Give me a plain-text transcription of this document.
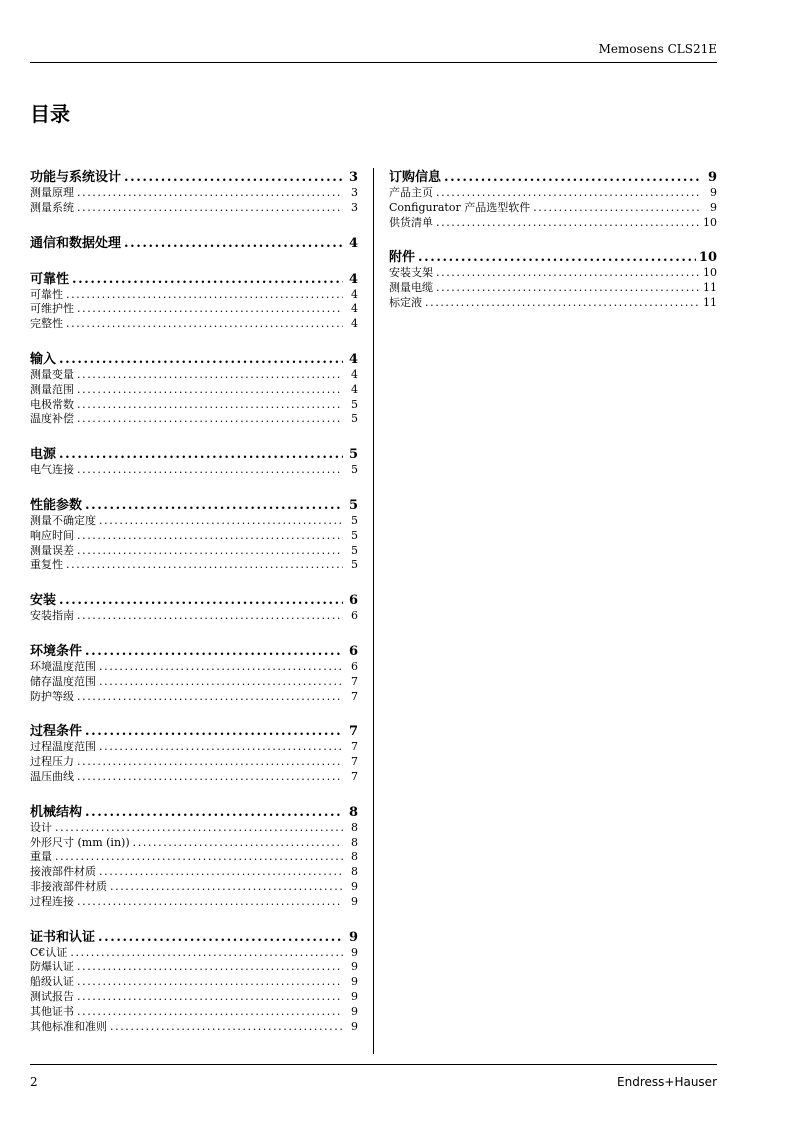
Memosens CLS21E
目录
功能与系统设计 .....	3
测量原理 .....	3
测量系统 .....	3
通信和数据处理 .....	4
可靠性 .....	4
可靠性 .....	4
可维护性 .....	4
完整性 .....	4
输入 .....	4
测量变量 .....	4
测量范围 .....	4
电极常数 .....	5
温度补偿 .....	5
电源 .....	5
电气连接 .....	5
性能参数 .....	5
测量不确定度 .....	5
响应时间 .....	5
测量误差 .....	5
重复性 .....	5
安装 .....	6
安装指南 .....	6
环境条件 .....	6
环境温度范围 .....	6
储存温度范围 .....	7
防护等级 .....	7
过程条件 .....	7
过程温度范围 .....	7
过程压力 .....	7
温压曲线 .....	7
机械结构 .....	8
设计 .....	8
外形尺寸 (mm (in)) .....	8
重量 .....	8
接液部件材质 .....	8
非接液部件材质 .....	9
过程连接 .....	9
证书和认证 .....	9
C€认证 .....	9
防爆认证 .....	9
船级认证 .....	9
测试报告 .....	9
其他证书 .....	9
其他标准和准则 .....	9
订购信息 .....	9
产品主页 .....	9
Configurator 产品选型软件 .....	9
供货清单 .....	10
附件 .....	10
安装支架 .....	10
测量电缆 .....	11
标定液 .....	11
2	Endress+Hauser
